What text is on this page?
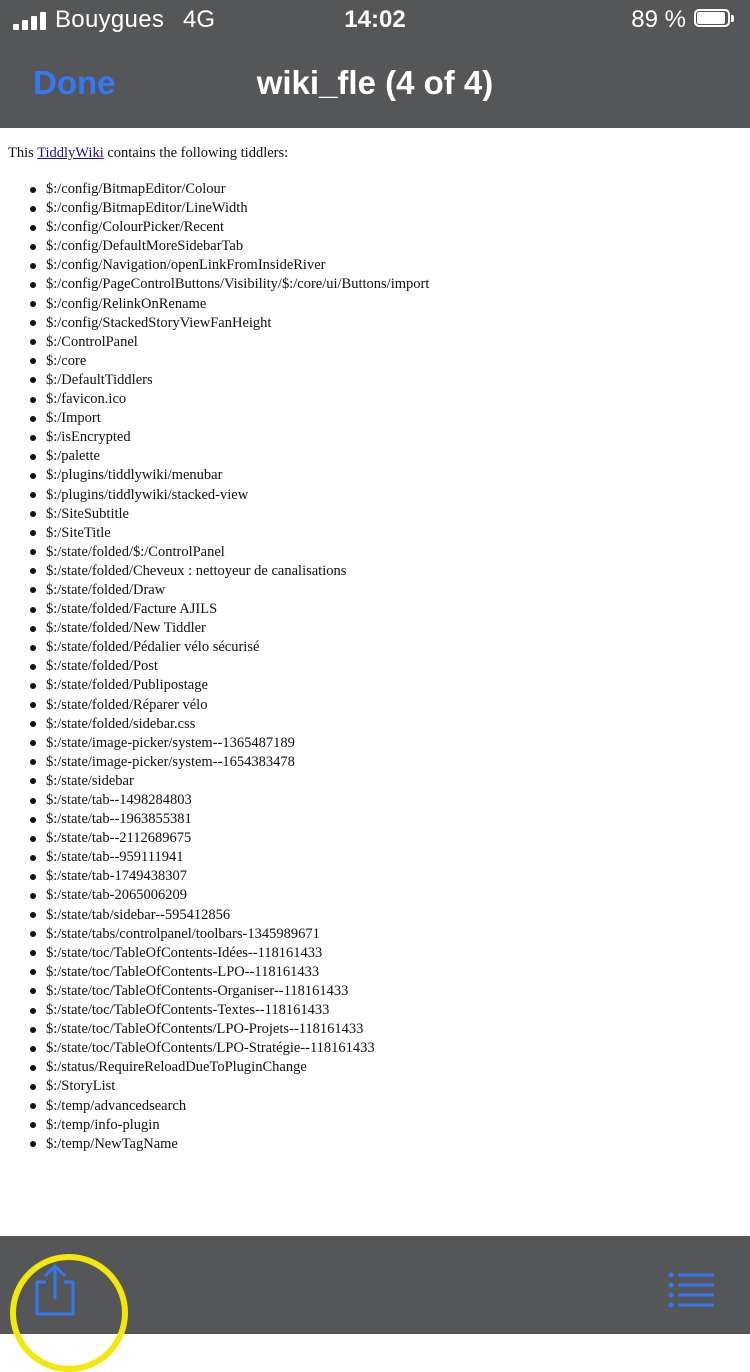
Bouygues 4G	14:02	89 %
Done	wiki_fle (4 of 4)
This TiddlyWiki contains the following tiddlers:
$:/config/BitmapEditor/Colour
$:/config/BitmapEditor/LineWidth
$:/config/ColourPicker/Recent
$:/config/DefaultMoreSidebarTab
$:/config/Navigation/openLinkFromInsideRiver
$:/config/PageControlButtons/Visibility/$:/core/ui/Buttons/import
$:/config/RelinkOnRename
$:/config/StackedStoryViewFanHeight
$:/ControlPanel
$:/core
$:/DefaultTiddlers
$:/favicon.ico
$:/Import
$:/isEncrypted
$:/palette
$:/plugins/tiddlywiki/menubar
$:/plugins/tiddlywiki/stacked-view
$:/SiteSubtitle
$:/SiteTitle
$:/state/folded/$:/ControlPanel
$:/state/folded/Cheveux : nettoyeur de canalisations
$:/state/folded/Draw
$:/state/folded/Facture AJILS
$:/state/folded/New Tiddler
$:/state/folded/Pédalier vélo sécurisé
$:/state/folded/Post
$:/state/folded/Publipostage
$:/state/folded/Réparer vélo
$:/state/folded/sidebar.css
$:/state/image-picker/system--1365487189
$:/state/image-picker/system--1654383478
$:/state/sidebar
$:/state/tab--1498284803
$:/state/tab--1963855381
$:/state/tab--2112689675
$:/state/tab--959111941
$:/state/tab-1749438307
$:/state/tab-2065006209
$:/state/tab/sidebar--595412856
$:/state/tabs/controlpanel/toolbars-1345989671
$:/state/toc/TableOfContents-Idées--118161433
$:/state/toc/TableOfContents-LPO--118161433
$:/state/toc/TableOfContents-Organiser--118161433
$:/state/toc/TableOfContents-Textes--118161433
$:/state/toc/TableOfContents/LPO-Projets--118161433
$:/state/toc/TableOfContents/LPO-Stratégie--118161433
$:/status/RequireReloadDueToPluginChange
$:/StoryList
$:/temp/advancedsearch
$:/temp/info-plugin
$:/temp/NewTagName
